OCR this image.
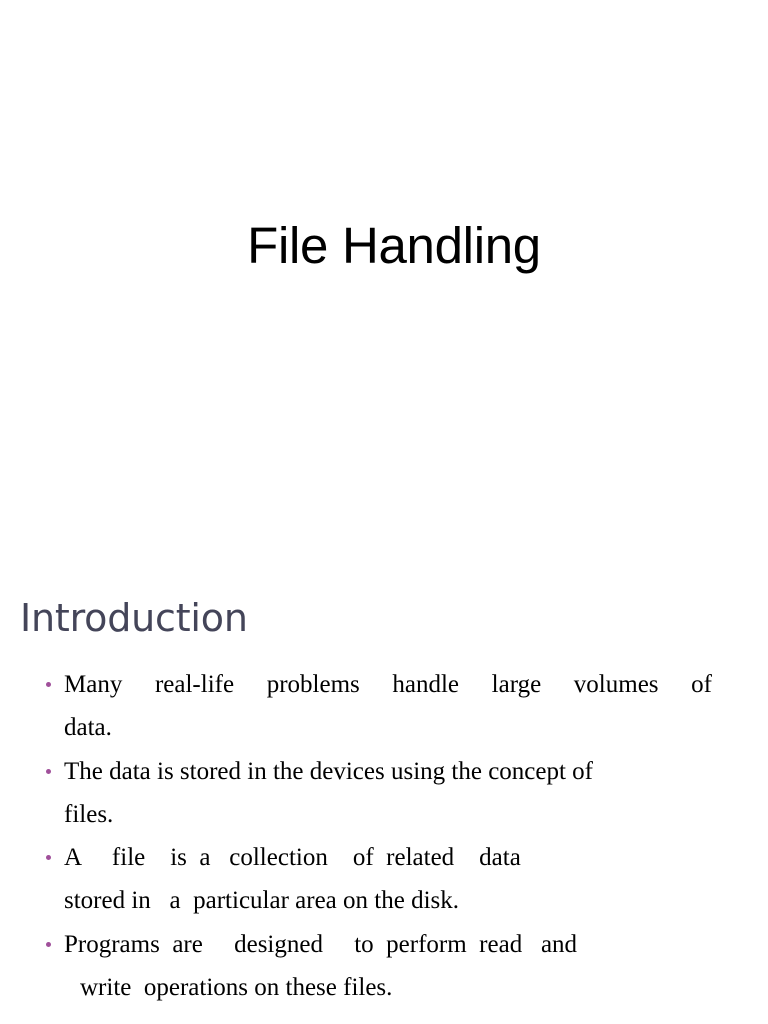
File Handling
Introduction
Many  real-life  problems  handle  large  volumes  of
data.
The data is stored in the devices using the concept of
files.
A     file    is  a   collection    of  related    data
stored in   a  particular area on the disk.
Programs  are     designed     to  perform  read   and
write  operations on these files.
